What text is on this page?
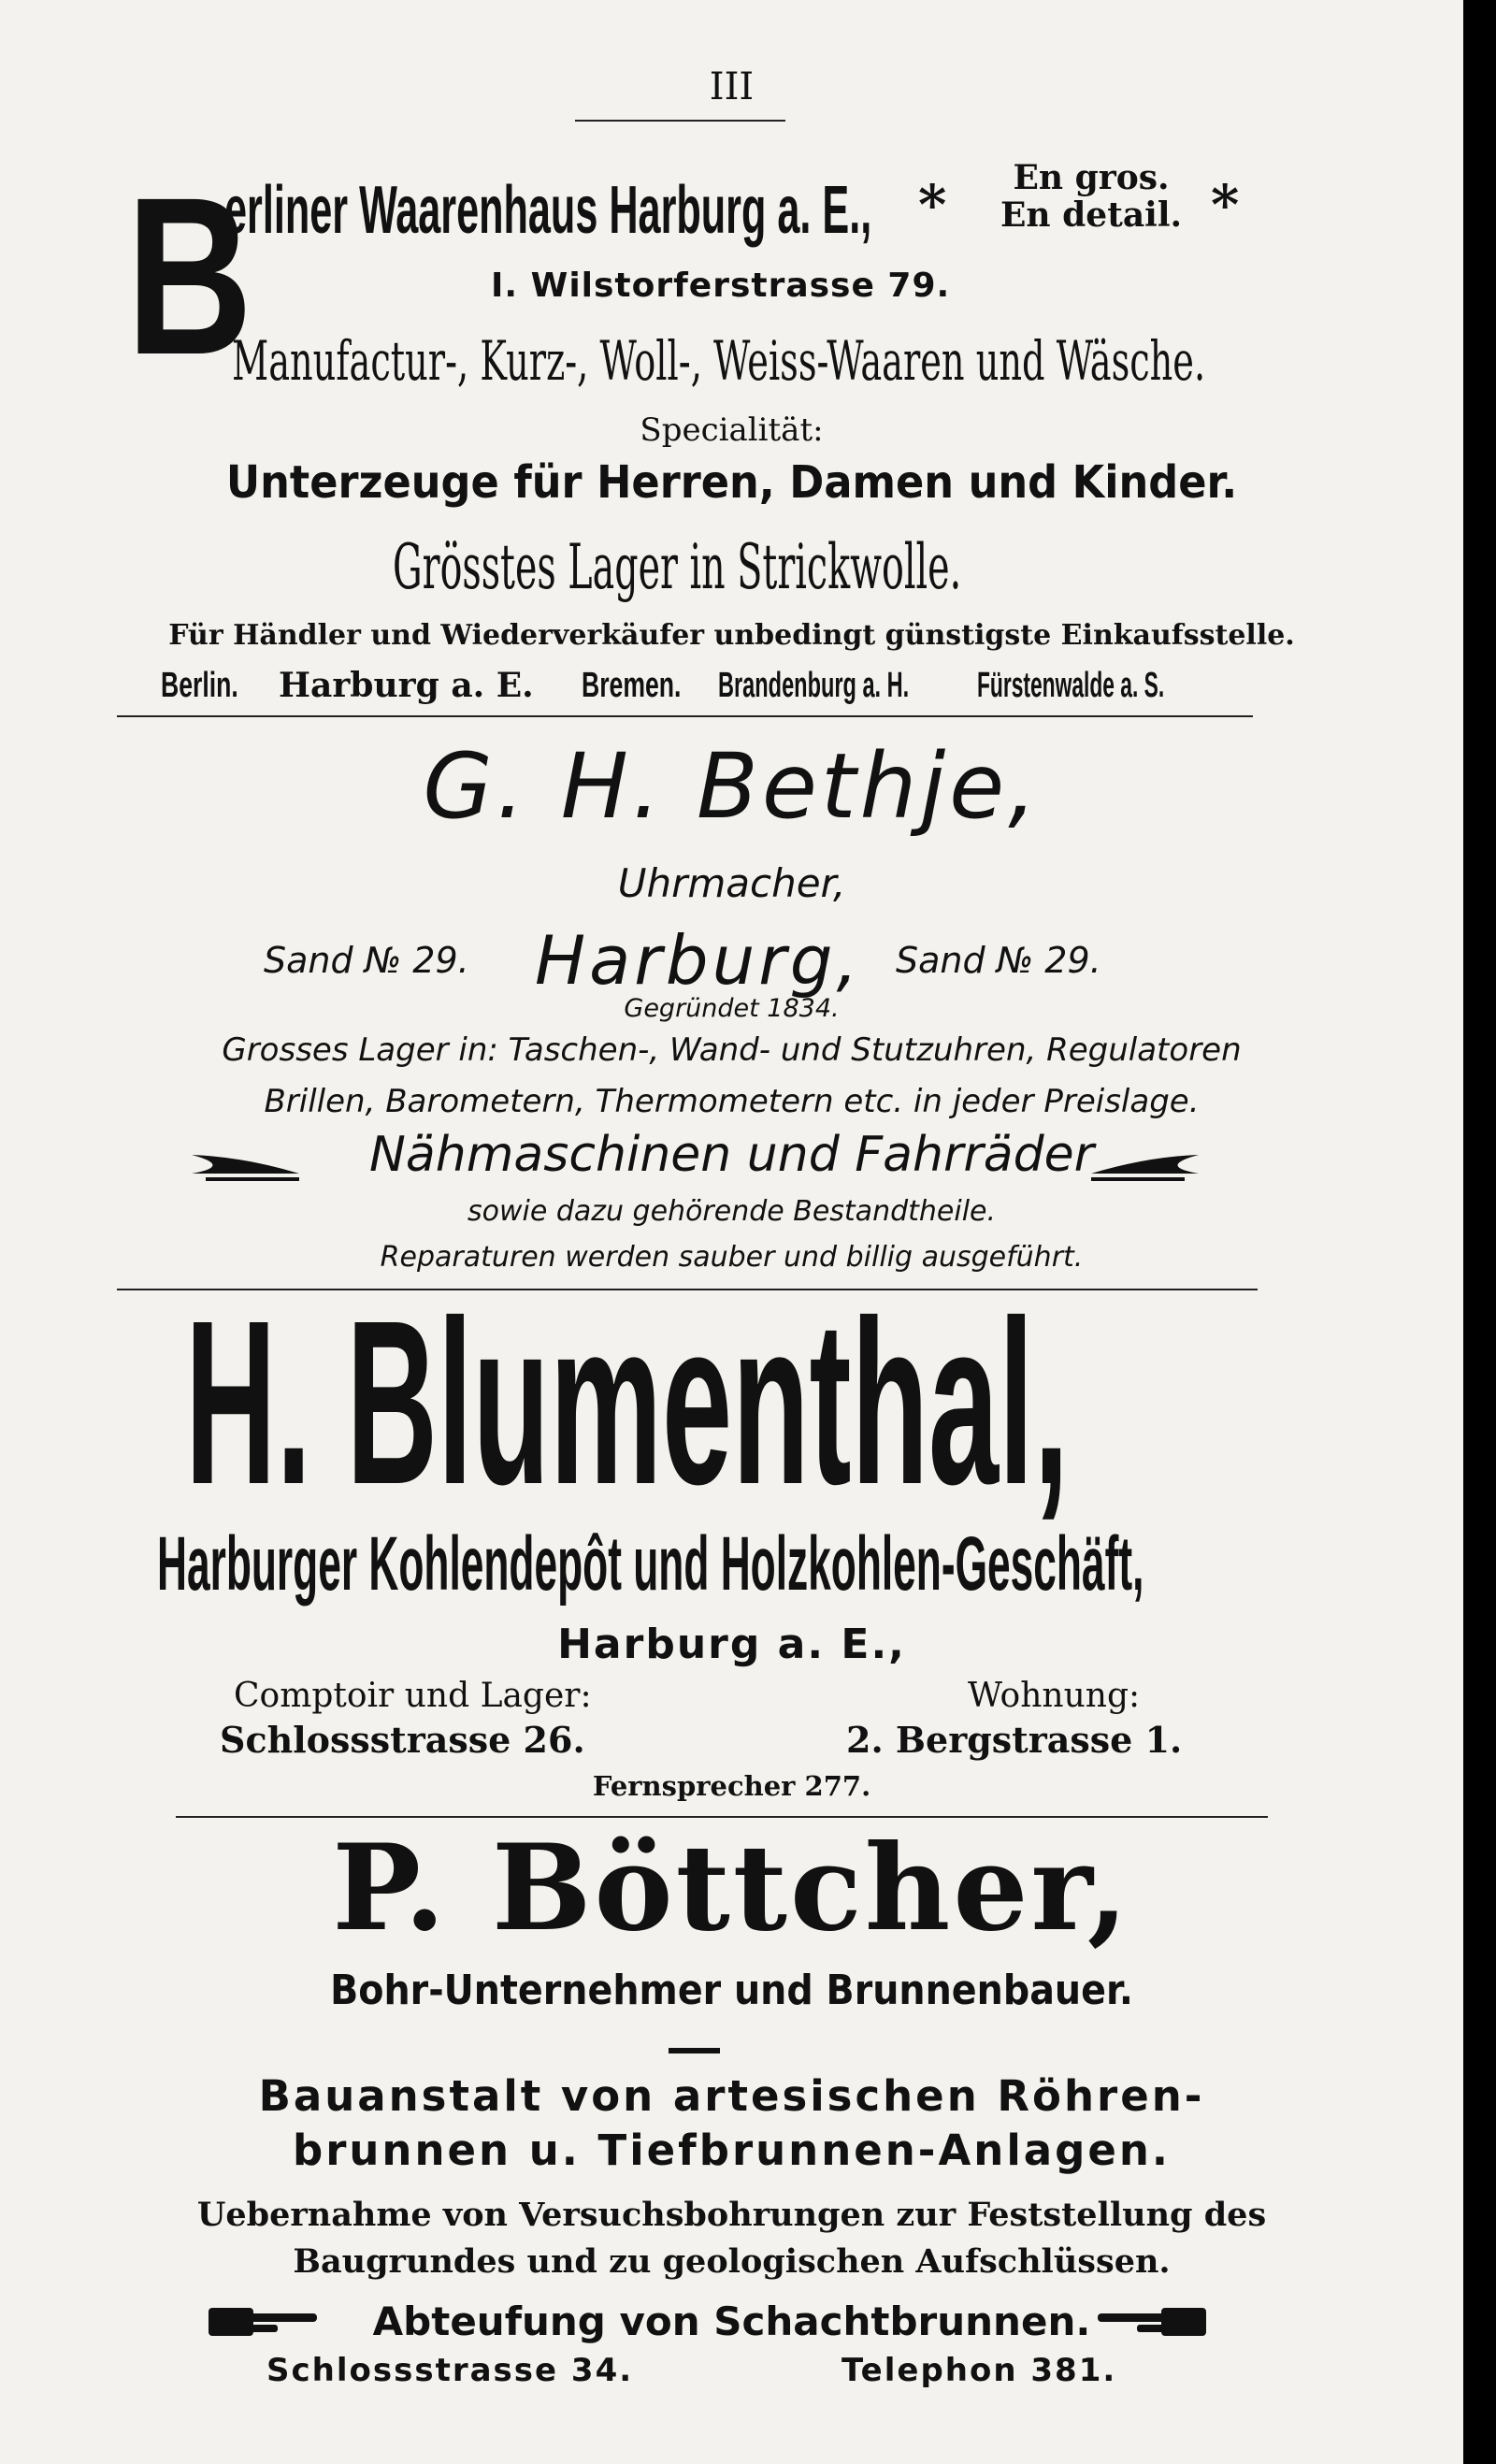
III
B
erliner Waarenhaus Harburg a. E., *	En gros.
En detail. *
I. Wilstorferstrasse 79.
Manufactur-, Kurz-, Woll-, Weiss-Waaren und Wäsche.
Specialität:
Unterzeuge für Herren, Damen und Kinder.
Grösstes Lager in Strickwolle.
Für Händler und Wiederverkäufer unbedingt günstigste Einkaufsstelle.
Berlin. Harburg a. E. Bremen. Brandenburg a. H. Fürstenwalde a. S.
G. H. Bethje,
Uhrmacher,
Sand № 29. Harburg, Sand № 29.
Gegründet 1834.
Grosses Lager in: Taschen-, Wand- und Stutzuhren, Regulatoren
Brillen, Barometern, Thermometern etc. in jeder Preislage.
Nähmaschinen und Fahrräder
sowie dazu gehörende Bestandtheile.
Reparaturen werden sauber und billig ausgeführt.
H. Blumenthal,
Harburger Kohlendepôt und Holzkohlen-Geschäft,
Harburg a. E.,
Comptoir und Lager:	Wohnung:
Schlossstrasse 26.	2. Bergstrasse 1.
Fernsprecher 277.
P. Böttcher,
Bohr-Unternehmer und Brunnenbauer.
Bauanstalt von artesischen Röhren-
brunnen u. Tiefbrunnen-Anlagen.
Uebernahme von Versuchsbohrungen zur Feststellung des
Baugrundes und zu geologischen Aufschlüssen.
Abteufung von Schachtbrunnen.
Schlossstrasse 34.	Telephon 381.
